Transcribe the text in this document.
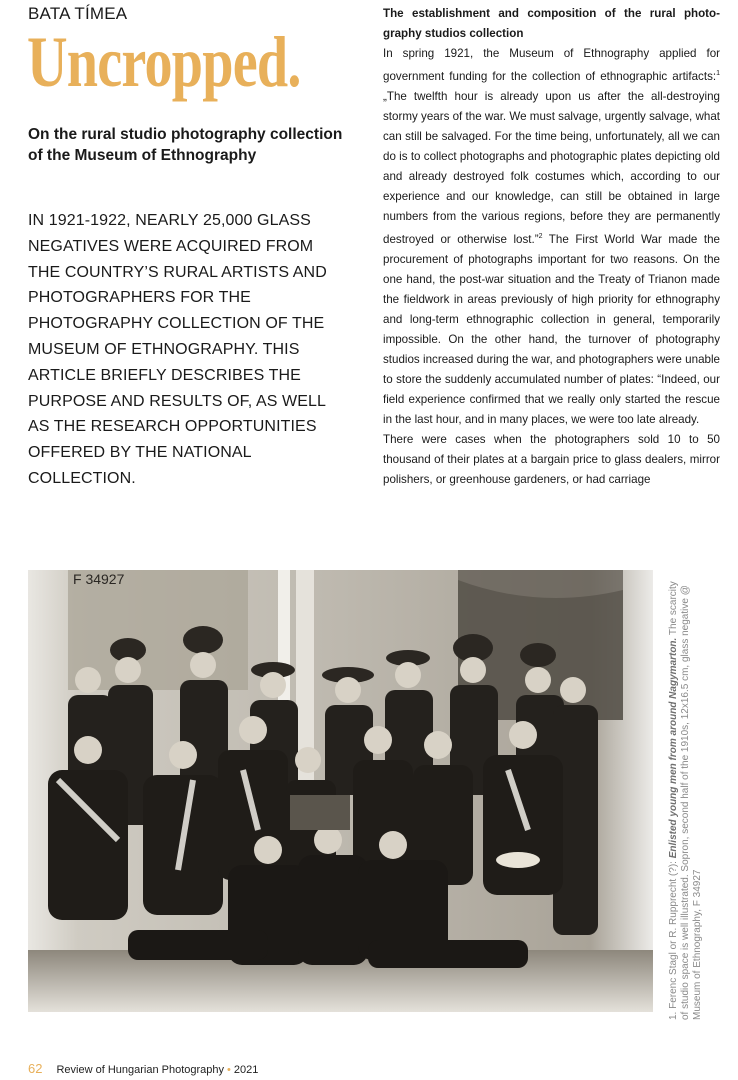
BATA TÍMEA
Uncropped.
On the rural studio photography collection of the Museum of Ethnography
IN 1921-1922, NEARLY 25,000 GLASS NEGATIVES WERE ACQUIRED FROM THE COUNTRY’S RURAL ARTISTS AND PHOTOGRAPHERS FOR THE PHOTOGRAPHY COLLECTION OF THE MUSEUM OF ETHNOGRAPHY. THIS ARTICLE BRIEFLY DESCRIBES THE PURPOSE AND RESULTS OF, AS WELL AS THE RESEARCH OPPORTUNITIES OFFERED BY THE NATIONAL COLLECTION.

The establishment and composition of the rural photo-graphy studios collection

In spring 1921, the Museum of Ethnography applied for government funding for the collection of ethnographic artifacts:$^1$ „The twelfth hour is already upon us after the all-destroying stormy years of the war. We must salvage, urgently salvage, what can still be salvaged. For the time being, unfortunately, all we can do is to collect photographs and photographic plates depicting old and already destroyed folk costumes which, according to our experience and our knowledge, can still be obtained in large numbers from the various regions, before they are permanently destroyed or otherwise lost.”$^2$ The First World War made the procurement of photographs important for two reasons. On the one hand, the post-war situation and the Treaty of Trianon made the fieldwork in areas previously of high priority for ethnography and long-term ethnographic collection in general, temporarily impossible. On the other hand, the turnover of photography studios increased during the war, and photographers were unable to store the suddenly accumulated number of plates: “Indeed, our field experience confirmed that we really only started the rescue in the last hour, and in many places, we were too late already.

There were cases when the photographers sold 10 to 50 thousand of their plates at a bargain price to glass dealers, mirror polishers, or greenhouse gardeners, or had carriage

F 34927
1. Ferenc Stagl or R. Rupprecht (?): Enlisted young men from around Nagymarton. The scarcity of studio space is well illustrated. Sopron, second half of the 1910s, 12x16.5 cm, glass negative @ Museum of Ethnography, F 34927
62 Review of Hungarian Photography • 2021
